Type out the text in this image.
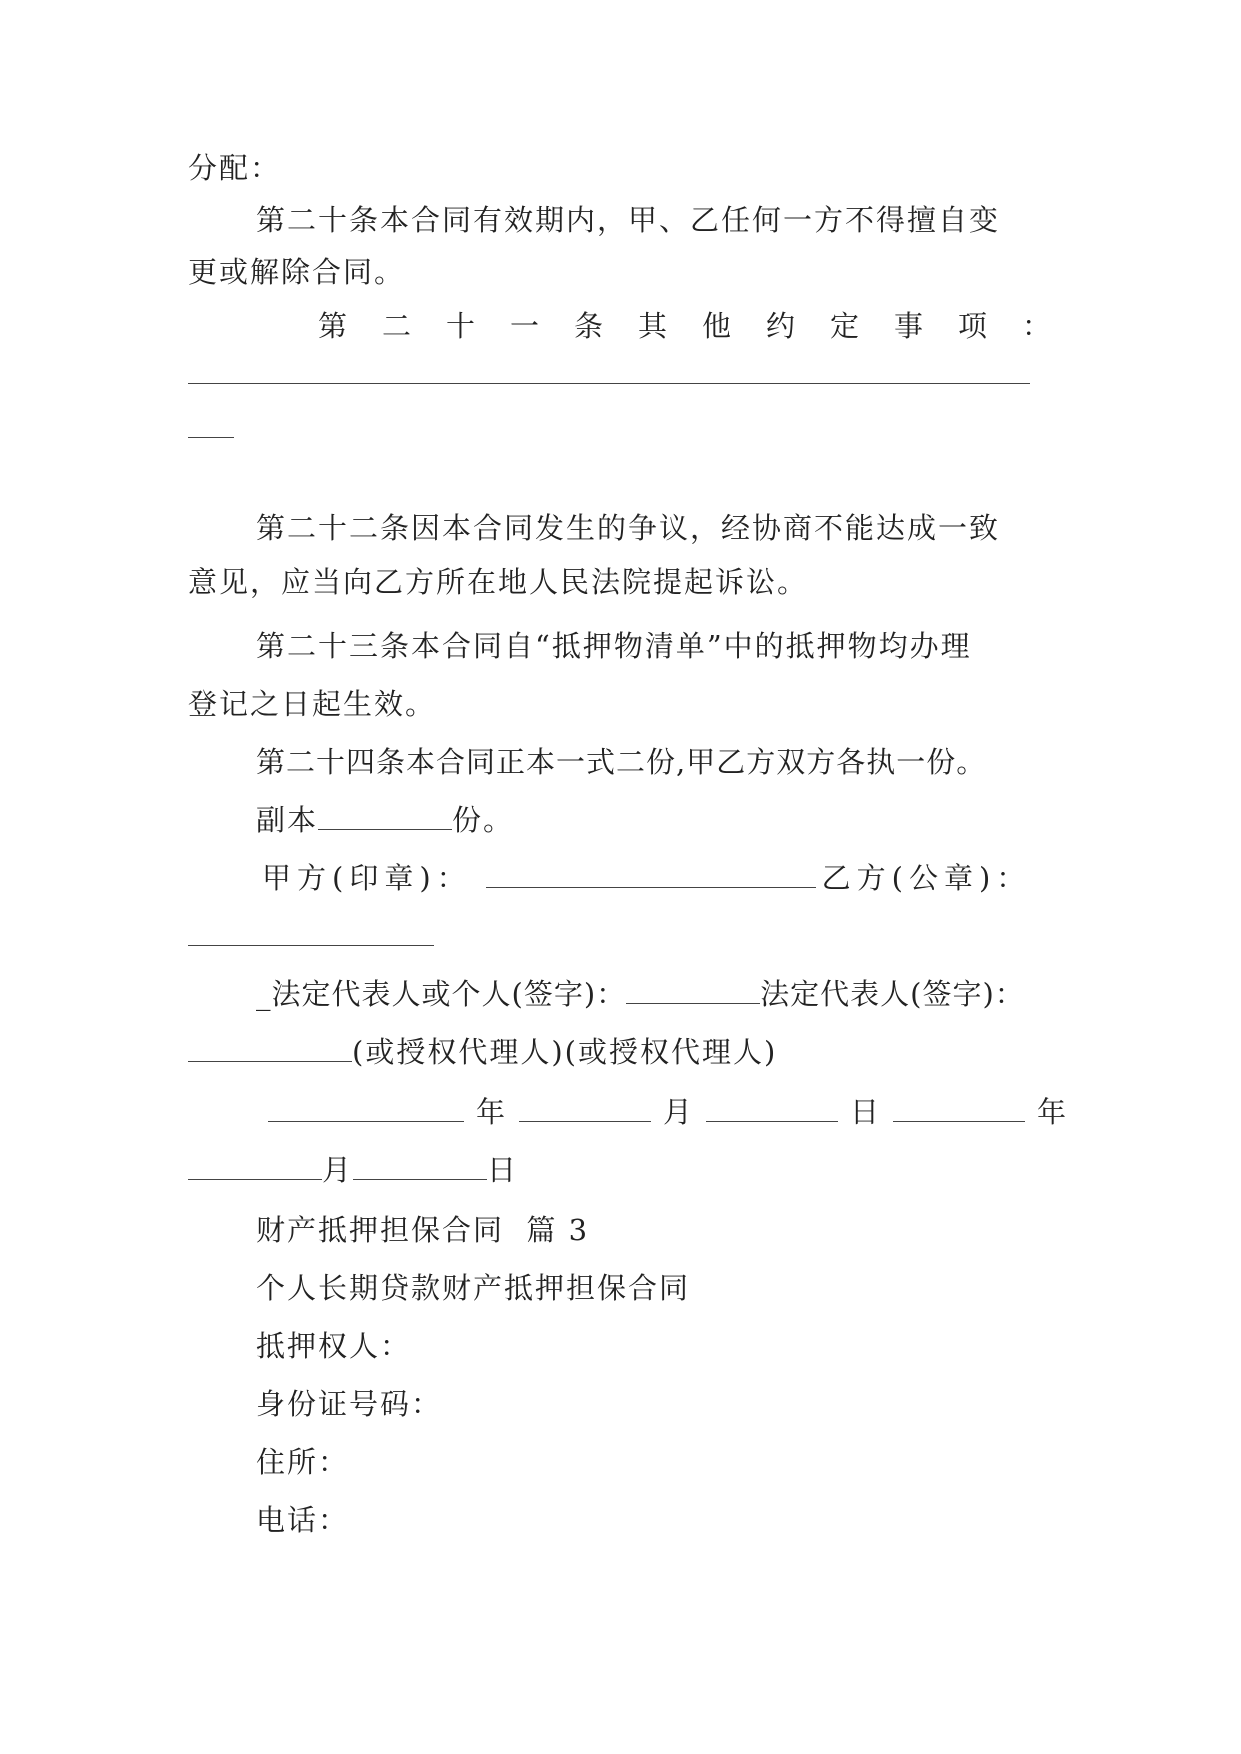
分配：
第二十条本合同有效期内，甲、乙任何一方不得擅自变
更或解除合同。
第 二 十 一 条 其 他 约 定 事 项 ：
第二十二条因本合同发生的争议，经协商不能达成一致
意见，应当向乙方所在地人民法院提起诉讼。
第二十三条本合同自“抵押物清单”中的抵押物均办理
登记之日起生效。
第二十四条本合同正本一式二份,甲乙方双方各执一份。
副本	份。
甲方(印章)：	乙方(公章)：
_法定代表人或个人(签字)：	法定代表人(签字)：
(或授权代理人)(或授权代理人)
年	月	日	年
月	日
财产抵押担保合同  篇 3
个人长期贷款财产抵押担保合同
抵押权人：
身份证号码：
住所：
电话：
